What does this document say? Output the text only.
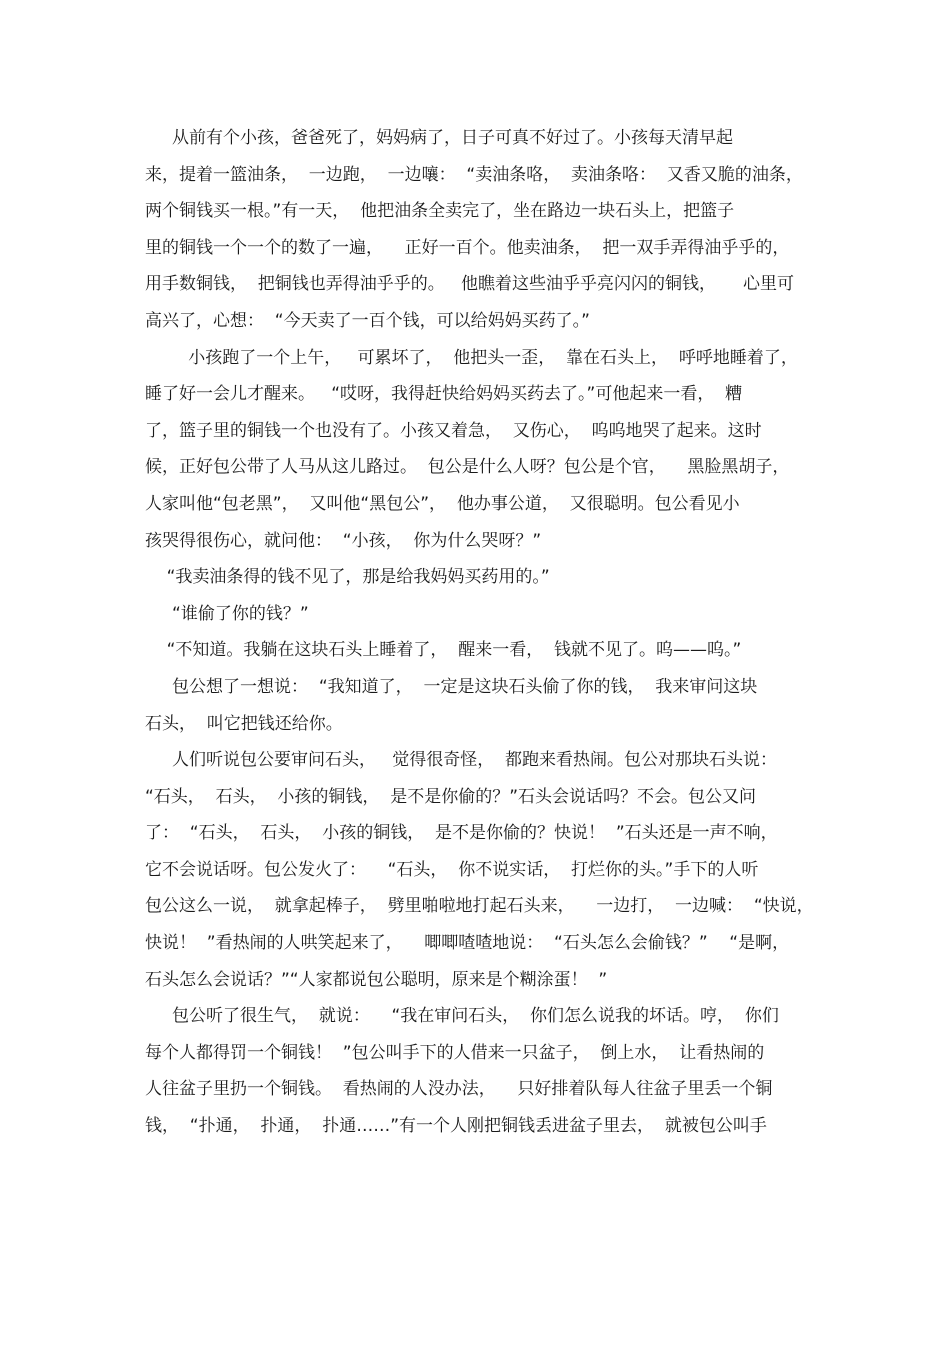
从前有个小孩，爸爸死了，妈妈病了，日子可真不好过了。小孩每天清早起
来，提着一篮油条，  一边跑，  一边嚷：  “卖油条咯，  卖油条咯：  又香又脆的油条，
两个铜钱买一根。”有一天，  他把油条全卖完了，坐在路边一块石头上，把篮子
里的铜钱一个一个的数了一遍，    正好一百个。他卖油条，  把一双手弄得油乎乎的，
用手数铜钱，  把铜钱也弄得油乎乎的。   他瞧着这些油乎乎亮闪闪的铜钱，     心里可
高兴了，心想：  “今天卖了一百个钱，可以给妈妈买药了。”
小孩跑了一个上午，   可累坏了，  他把头一歪，  靠在石头上，  呼呼地睡着了，
睡了好一会儿才醒来。   “哎呀，我得赶快给妈妈买药去了。”可他起来一看，  糟
了，篮子里的铜钱一个也没有了。小孩又着急，  又伤心，  呜呜地哭了起来。这时
候，正好包公带了人马从这儿路过。  包公是什么人呀？包公是个官，    黑脸黑胡子，
人家叫他“包老黑”，  又叫他“黑包公”，  他办事公道，  又很聪明。包公看见小
孩哭得很伤心，就问他：  “小孩，  你为什么哭呀？”
“我卖油条得的钱不见了，那是给我妈妈买药用的。”
“谁偷了你的钱？”
“不知道。我躺在这块石头上睡着了，  醒来一看，  钱就不见了。呜——呜。”
包公想了一想说：  “我知道了，  一定是这块石头偷了你的钱，  我来审问这块
石头，  叫它把钱还给你。
人们听说包公要审问石头，   觉得很奇怪，  都跑来看热闹。包公对那块石头说：
“石头，  石头，  小孩的铜钱，  是不是你偷的？”石头会说话吗？不会。包公又问
了：  “石头，  石头，  小孩的铜钱，  是不是你偷的？快说！  ”石头还是一声不响，
它不会说话呀。包公发火了：    “石头，  你不说实话，  打烂你的头。”手下的人听
包公这么一说，  就拿起棒子，  劈里啪啦地打起石头来，    一边打，  一边喊：  “快说，
快说！  ”看热闹的人哄笑起来了，    唧唧喳喳地说：  “石头怎么会偷钱？”    “是啊，
石头怎么会说话？”“人家都说包公聪明，原来是个糊涂蛋！  ”
包公听了很生气，  就说：    “我在审问石头，  你们怎么说我的坏话。哼，  你们
每个人都得罚一个铜钱！  ”包公叫手下的人借来一只盆子，  倒上水，  让看热闹的
人往盆子里扔一个铜钱。  看热闹的人没办法，    只好排着队每人往盆子里丢一个铜
钱，  “扑通，  扑通，  扑通……”有一个人刚把铜钱丢进盆子里去，  就被包公叫手
